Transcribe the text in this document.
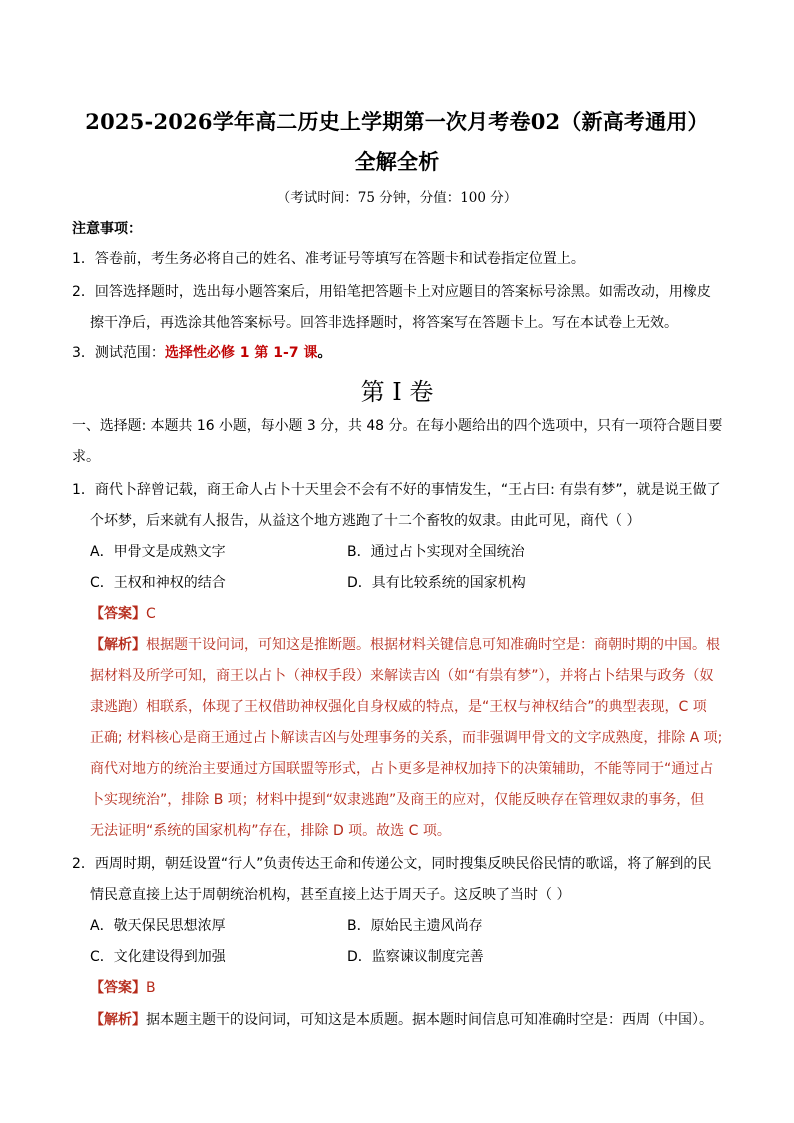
2025-2026学年高二历史上学期第一次月考卷02（新高考通用）
全解全析
（考试时间：75 分钟，分值：100 分）
注意事项：
1．答卷前，考生务必将自己的姓名、准考证号等填写在答题卡和试卷指定位置上。
2．回答选择题时，选出每小题答案后，用铅笔把答题卡上对应题目的答案标号涂黑。如需改动，用橡皮
擦干净后，再选涂其他答案标号。回答非选择题时，将答案写在答题卡上。写在本试卷上无效。
3．测试范围：选择性必修 1 第 1-7 课。
第 I 卷
一、选择题: 本题共 16 小题，每小题 3 分，共 48 分。在每小题给出的四个选项中，只有一项符合题目要
求。
1．商代卜辞曾记载，商王命人占卜十天里会不会有不好的事情发生，“王占曰: 有祟有梦”，就是说王做了
个坏梦，后来就有人报告，从益这个地方逃跑了十二个畜牧的奴隶。由此可见，商代（ ）
A．甲骨文是成熟文字	B．通过占卜实现对全国统治
C．王权和神权的结合	D．具有比较系统的国家机构
【答案】C
【解析】根据题干设问词，可知这是推断题。根据材料关键信息可知准确时空是：商朝时期的中国。根
据材料及所学可知，商王以占卜（神权手段）来解读吉凶（如“有祟有梦”），并将占卜结果与政务（奴
隶逃跑）相联系，体现了王权借助神权强化自身权威的特点，是“王权与神权结合”的典型表现，C 项
正确; 材料核心是商王通过占卜解读吉凶与处理事务的关系，而非强调甲骨文的文字成熟度，排除 A 项;
商代对地方的统治主要通过方国联盟等形式，占卜更多是神权加持下的决策辅助，不能等同于“通过占
卜实现统治”，排除 B 项；材料中提到“奴隶逃跑”及商王的应对，仅能反映存在管理奴隶的事务，但
无法证明“系统的国家机构”存在，排除 D 项。故选 C 项。
2．西周时期，朝廷设置“行人”负责传达王命和传递公文，同时搜集反映民俗民情的歌谣，将了解到的民
情民意直接上达于周朝统治机构，甚至直接上达于周天子。这反映了当时（ ）
A．敬天保民思想浓厚	B．原始民主遗风尚存
C．文化建设得到加强	D．监察谏议制度完善
【答案】B
【解析】据本题主题干的设问词，可知这是本质题。据本题时间信息可知准确时空是：西周（中国）。
